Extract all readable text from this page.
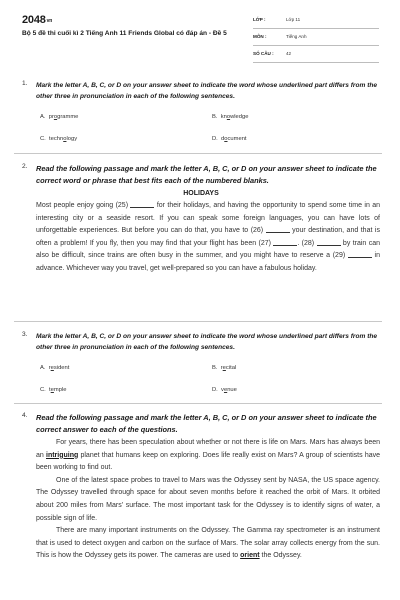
2048vn
Bộ 5 đề thi cuối kì 2 Tiếng Anh 11 Friends Global có đáp án - Đề 5
LỚP :	Lớp 11
MÔN :	Tiếng Anh
SỐ CÂU :	42
1. Mark the letter A, B, C, or D on your answer sheet to indicate the word whose underlined part differs from the other three in pronunciation in each of the following sentences.
A. programme	B. knowledge
C. technology	D. document
2. Read the following passage and mark the letter A, B, C, or D on your answer sheet to indicate the correct word or phrase that best fits each of the numbered blanks.
HOLIDAYS

Most people enjoy going (25)	for their holidays, and having the opportunity to spend some time in an interesting city or a seaside resort. If you can speak some foreign languages, you can have lots of unforgettable experiences. But before you can do that, you have to (26)	your destination, and that is often a problem! If you fly, then you may find that your flight has been (27)	. (28)	by train can also be difficult, since trains are often busy in the summer, and you might have to reserve a (29)	in advance. Whichever way you travel, get well-prepared so you can have a fabulous holiday.

3. Mark the letter A, B, C, or D on your answer sheet to indicate the word whose underlined part differs from the other three in pronunciation in each of the following sentences.
A. resident	B. recital
C. temple	D. venue
4. Read the following passage and mark the letter A, B, C, or D on your answer sheet to indicate the correct answer to each of the questions.

For years, there has been speculation about whether or not there is life on Mars. Mars has always been an intriguing planet that humans keep on exploring. Does life really exist on Mars? A group of scientists have been working to find out.

One of the latest space probes to travel to Mars was the Odyssey sent by NASA, the US space agency. The Odyssey travelled through space for about seven months before it reached the orbit of Mars. It orbited about 200 miles from Mars' surface. The most important task for the Odyssey is to identify signs of water, a possible sign of life.

There are many important instruments on the Odyssey. The Gamma ray spectrometer is an instrument that is used to detect oxygen and carbon on the surface of Mars. The solar array collects energy from the sun. This is how the Odyssey gets its power. The cameras are used to orient the Odyssey.
